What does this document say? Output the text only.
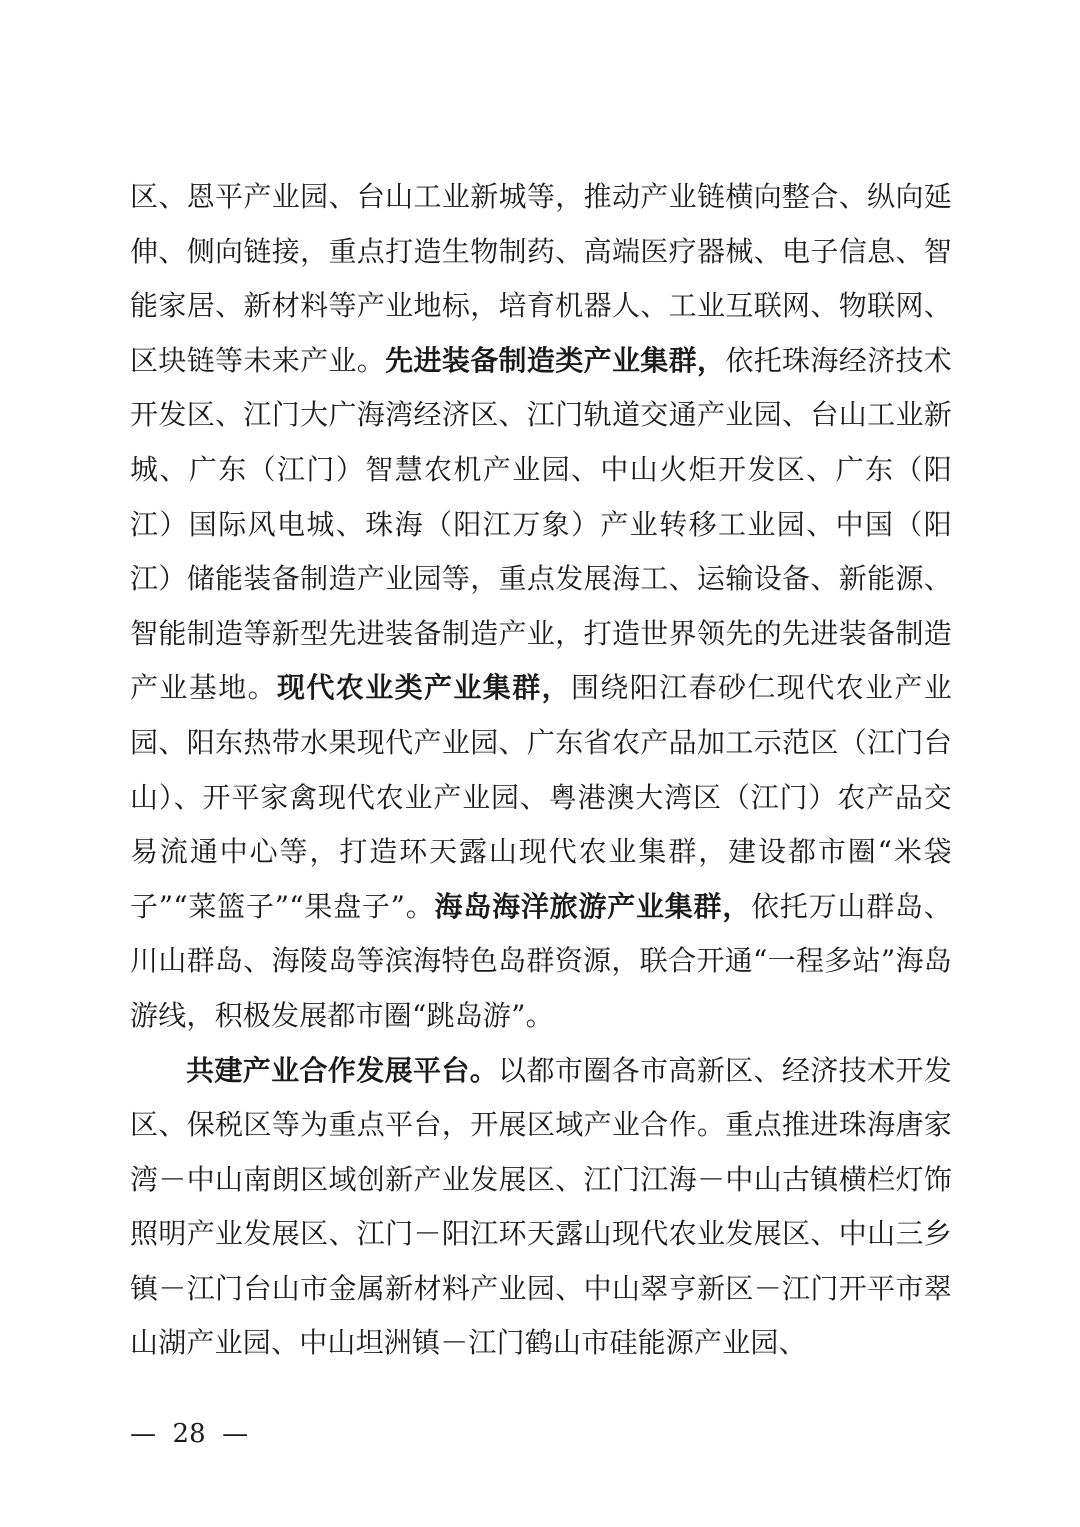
区、恩平产业园、台山工业新城等，推动产业链横向整合、纵向延伸、侧向链接，重点打造生物制药、高端医疗器械、电子信息、智能家居、新材料等产业地标，培育机器人、工业互联网、物联网、区块链等未来产业。先进装备制造类产业集群，依托珠海经济技术开发区、江门大广海湾经济区、江门轨道交通产业园、台山工业新城、广东（江门）智慧农机产业园、中山火炬开发区、广东（阳江）国际风电城、珠海（阳江万象）产业转移工业园、中国（阳江）储能装备制造产业园等，重点发展海工、运输设备、新能源、智能制造等新型先进装备制造产业，打造世界领先的先进装备制造产业基地。现代农业类产业集群，围绕阳江春砂仁现代农业产业园、阳东热带水果现代产业园、广东省农产品加工示范区（江门台山）、开平家禽现代农业产业园、粤港澳大湾区（江门）农产品交易流通中心等，打造环天露山现代农业集群，建设都市圈“米袋子”“菜篮子”“果盘子”。海岛海洋旅游产业集群，依托万山群岛、川山群岛、海陵岛等滨海特色岛群资源，联合开通“一程多站”海岛游线，积极发展都市圈“跳岛游”。

共建产业合作发展平台。以都市圈各市高新区、经济技术开发区、保税区等为重点平台，开展区域产业合作。重点推进珠海唐家湾－中山南朗区域创新产业发展区、江门江海－中山古镇横栏灯饰照明产业发展区、江门－阳江环天露山现代农业发展区、中山三乡镇－江门台山市金属新材料产业园、中山翠亨新区－江门开平市翠山湖产业园、中山坦洲镇－江门鹤山市硅能源产业园、

—  28  —
